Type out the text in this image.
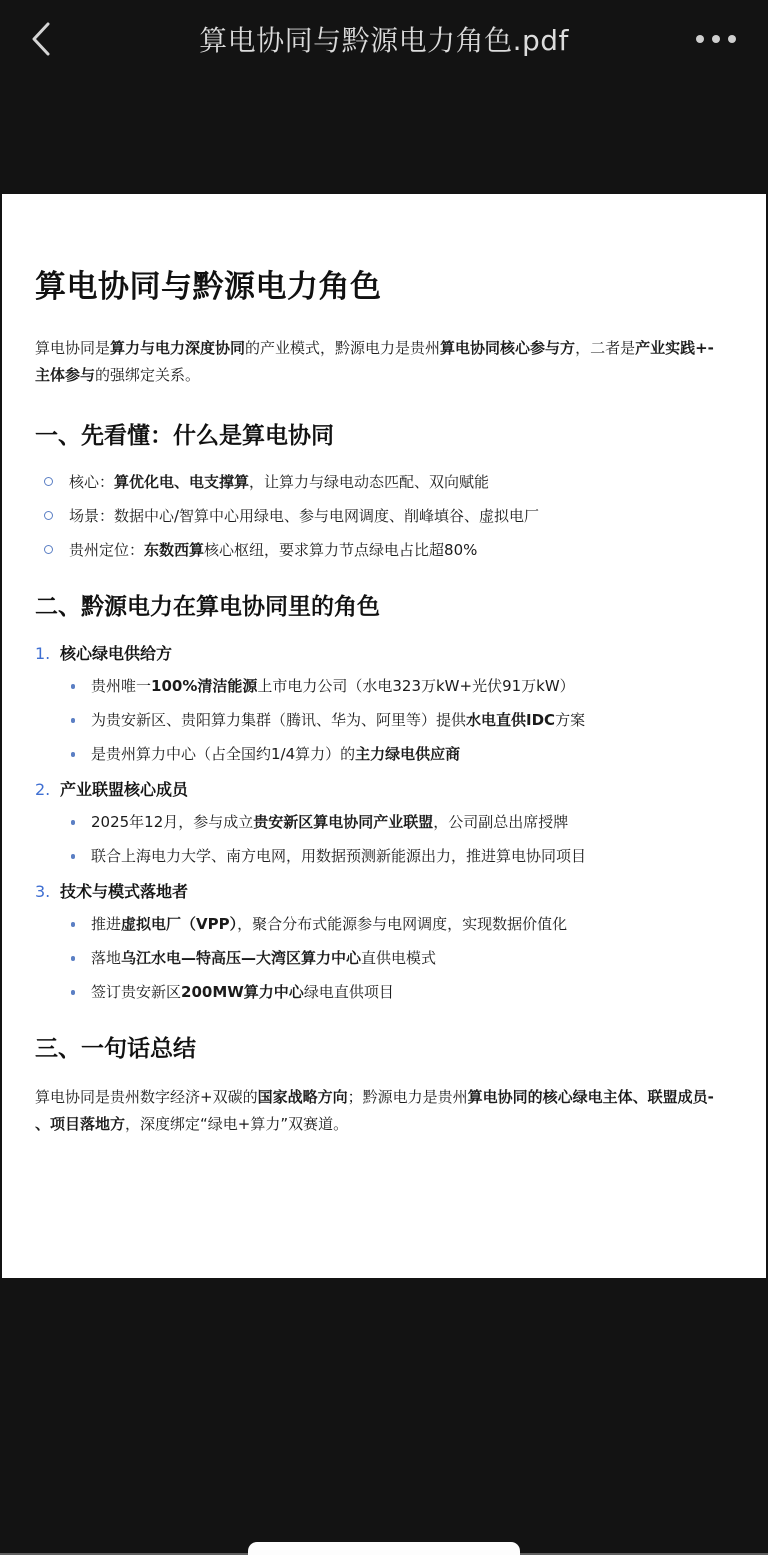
算电协同与黔源电力角色.pdf
算电协同与黔源电力角色

算电协同是算力与电力深度协同的产业模式，黔源电力是贵州算电协同核心参与方，二者是产业实践+-
主体参与的强绑定关系。

一、先看懂：什么是算电协同
核心：算优化电、电支撑算，让算力与绿电动态匹配、双向赋能
场景：数据中心/智算中心用绿电、参与电网调度、削峰填谷、虚拟电厂
贵州定位：东数西算核心枢纽，要求算力节点绿电占比超80%
二、黔源电力在算电协同里的角色
1. 核心绿电供给方
贵州唯一100%清洁能源上市电力公司（水电323万kW+光伏91万kW）
为贵安新区、贵阳算力集群（腾讯、华为、阿里等）提供水电直供IDC方案
是贵州算力中心（占全国约1/4算力）的主力绿电供应商
2. 产业联盟核心成员
2025年12月，参与成立贵安新区算电协同产业联盟，公司副总出席授牌
联合上海电力大学、南方电网，用数据预测新能源出力，推进算电协同项目
3. 技术与模式落地者
推进虚拟电厂（VPP），聚合分布式能源参与电网调度，实现数据价值化
落地乌江水电—特高压—大湾区算力中心直供电模式
签订贵安新区200MW算力中心绿电直供项目
三、一句话总结

算电协同是贵州数字经济+双碳的国家战略方向；黔源电力是贵州算电协同的核心绿电主体、联盟成员-
、项目落地方，深度绑定“绿电+算力”双赛道。
